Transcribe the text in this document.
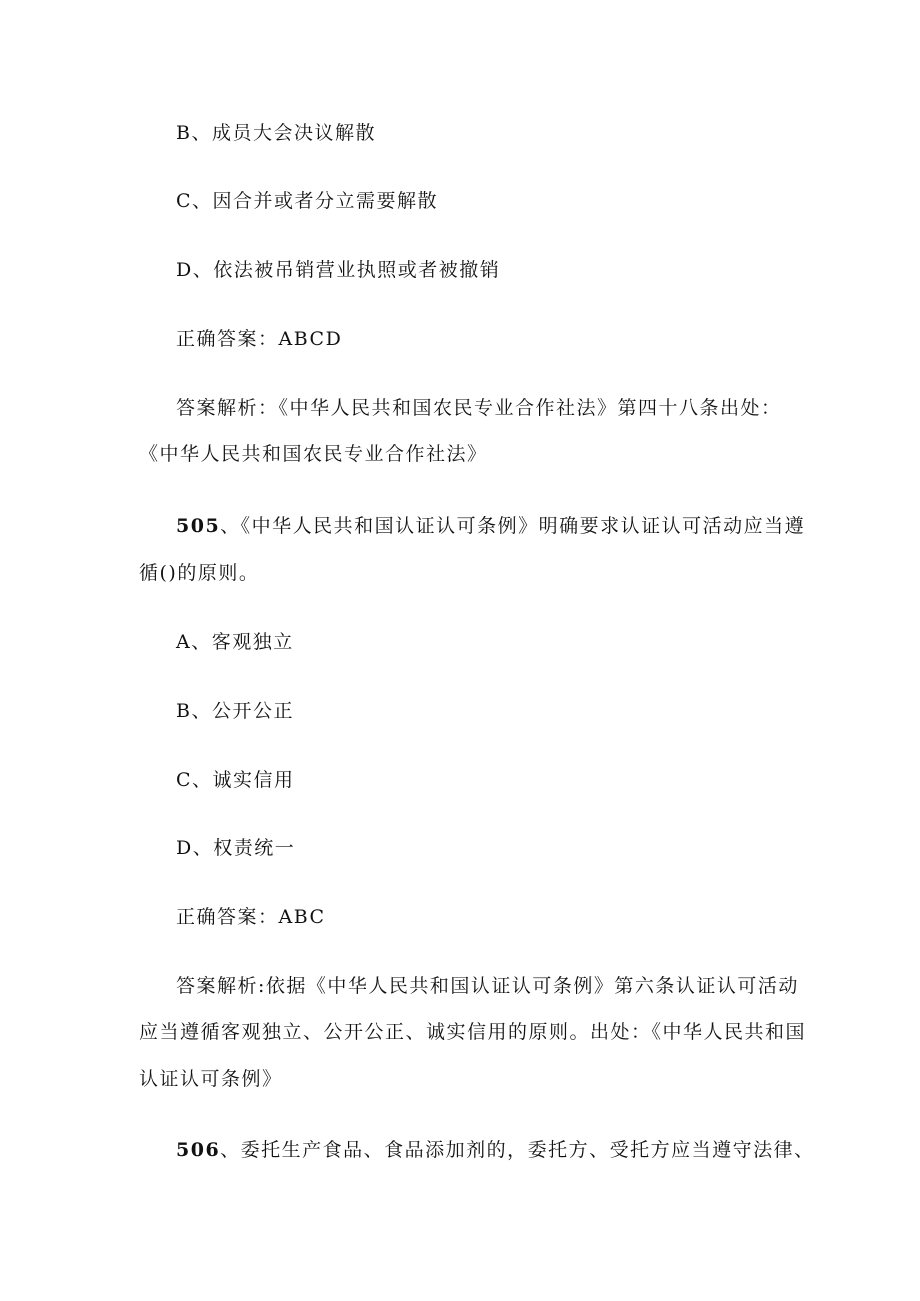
B、成员大会决议解散
C、因合并或者分立需要解散
D、依法被吊销营业执照或者被撤销
正确答案：ABCD
答案解析：《中华人民共和国农民专业合作社法》第四十八条出处：
《中华人民共和国农民专业合作社法》
505、《中华人民共和国认证认可条例》明确要求认证认可活动应当遵
循()的原则。
A、客观独立
B、公开公正
C、诚实信用
D、权责统一
正确答案：ABC
答案解析:依据《中华人民共和国认证认可条例》第六条认证认可活动
应当遵循客观独立、公开公正、诚实信用的原则。出处：《中华人民共和国
认证认可条例》
506、委托生产食品、食品添加剂的，委托方、受托方应当遵守法律、
